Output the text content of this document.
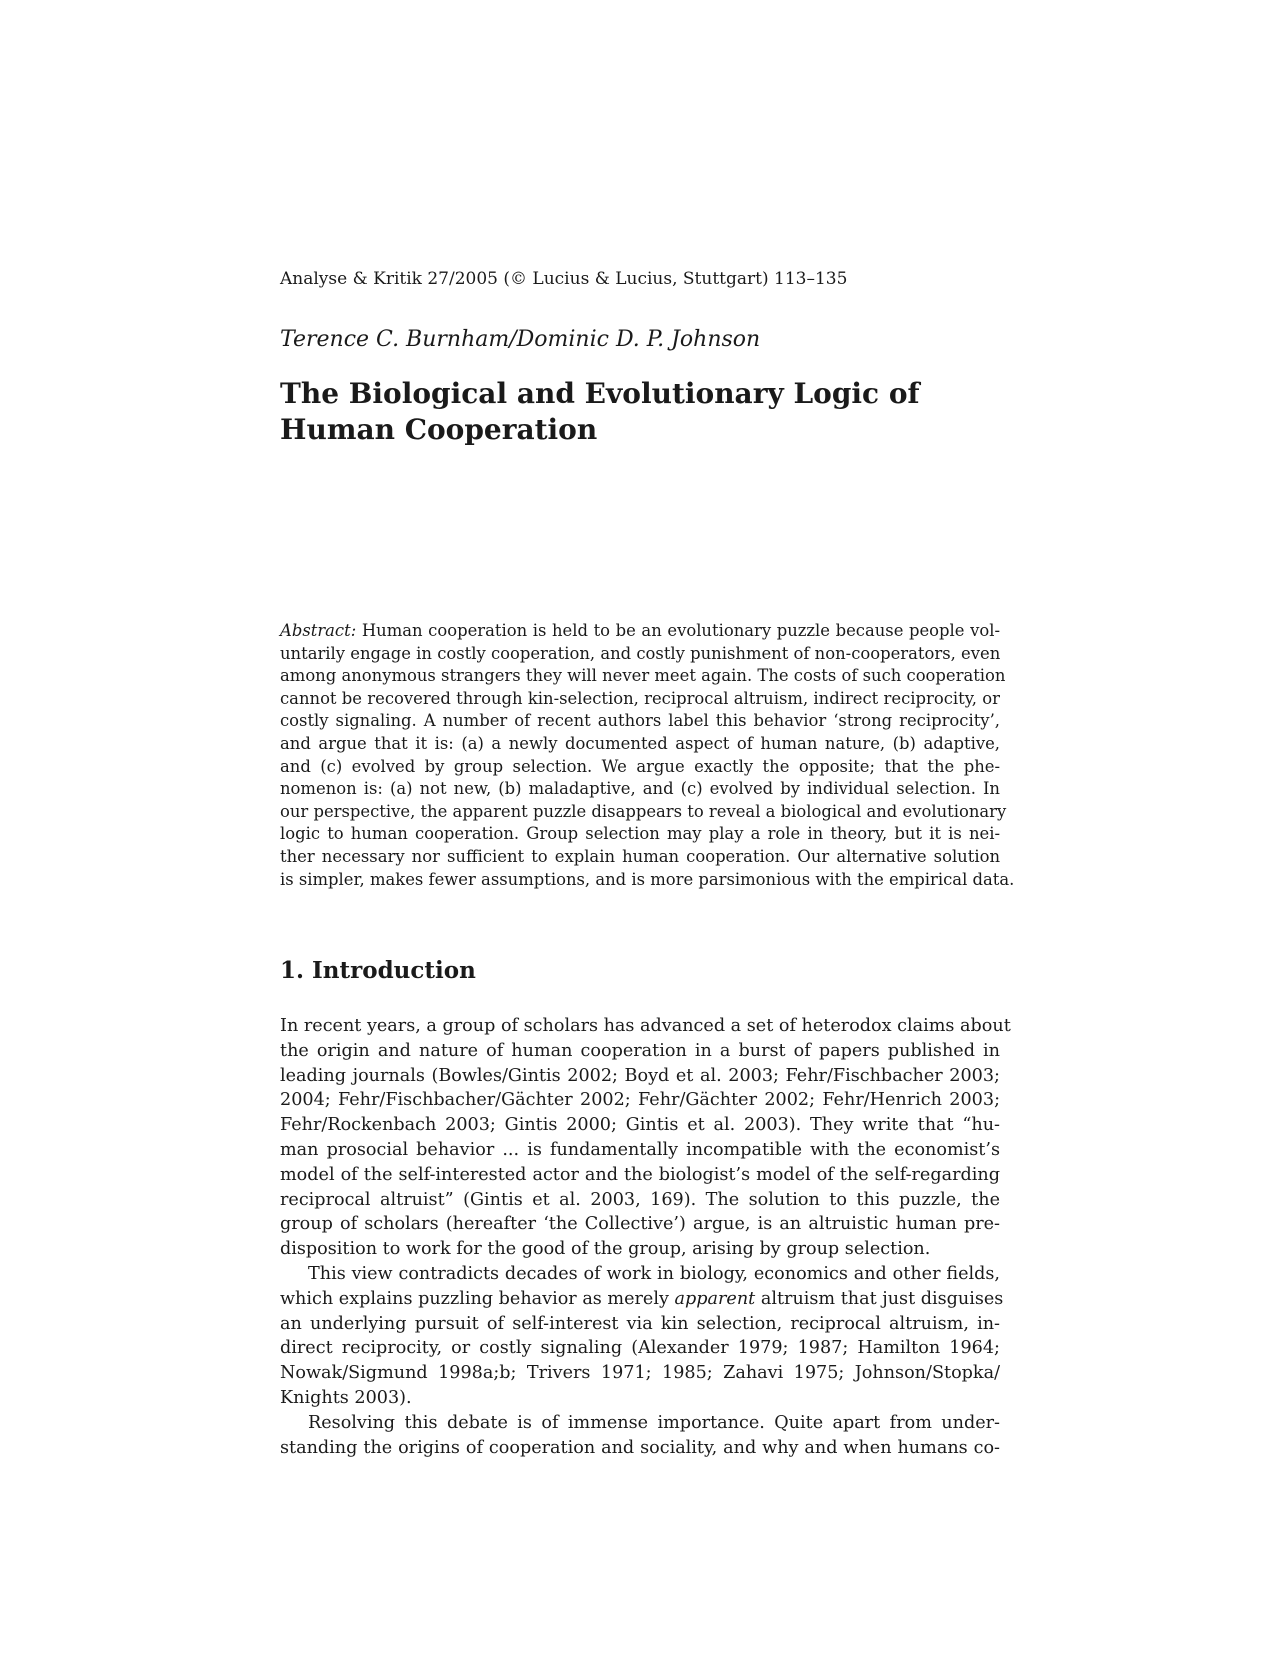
Analyse & Kritik 27/2005 (© Lucius & Lucius, Stuttgart) 113–135
Terence C. Burnham/Dominic D. P. Johnson
The Biological and Evolutionary Logic of
Human Cooperation
Abstract: Human cooperation is held to be an evolutionary puzzle because people vol-
untarily engage in costly cooperation, and costly punishment of non-cooperators, even
among anonymous strangers they will never meet again. The costs of such cooperation
cannot be recovered through kin-selection, reciprocal altruism, indirect reciprocity, or
costly signaling. A number of recent authors label this behavior ‘strong reciprocity’,
and argue that it is: (a) a newly documented aspect of human nature, (b) adaptive,
and (c) evolved by group selection. We argue exactly the opposite; that the phe-
nomenon is: (a) not new, (b) maladaptive, and (c) evolved by individual selection. In
our perspective, the apparent puzzle disappears to reveal a biological and evolutionary
logic to human cooperation. Group selection may play a role in theory, but it is nei-
ther necessary nor sufficient to explain human cooperation. Our alternative solution
is simpler, makes fewer assumptions, and is more parsimonious with the empirical data.
1. Introduction

In recent years, a group of scholars has advanced a set of heterodox claims about
the origin and nature of human cooperation in a burst of papers published in
leading journals (Bowles/Gintis 2002; Boyd et al. 2003; Fehr/Fischbacher 2003;
2004; Fehr/Fischbacher/Gächter 2002; Fehr/Gächter 2002; Fehr/Henrich 2003;
Fehr/Rockenbach 2003; Gintis 2000; Gintis et al. 2003). They write that “hu-
man prosocial behavior ... is fundamentally incompatible with the economist’s
model of the self-interested actor and the biologist’s model of the self-regarding
reciprocal altruist” (Gintis et al. 2003, 169). The solution to this puzzle, the
group of scholars (hereafter ‘the Collective’) argue, is an altruistic human pre-
disposition to work for the good of the group, arising by group selection.

This view contradicts decades of work in biology, economics and other fields,
which explains puzzling behavior as merely apparent altruism that just disguises
an underlying pursuit of self-interest via kin selection, reciprocal altruism, in-
direct reciprocity, or costly signaling (Alexander 1979; 1987; Hamilton 1964;
Nowak/Sigmund 1998a;b; Trivers 1971; 1985; Zahavi 1975; Johnson/Stopka/
Knights 2003).

Resolving this debate is of immense importance. Quite apart from under-
standing the origins of cooperation and sociality, and why and when humans co-
